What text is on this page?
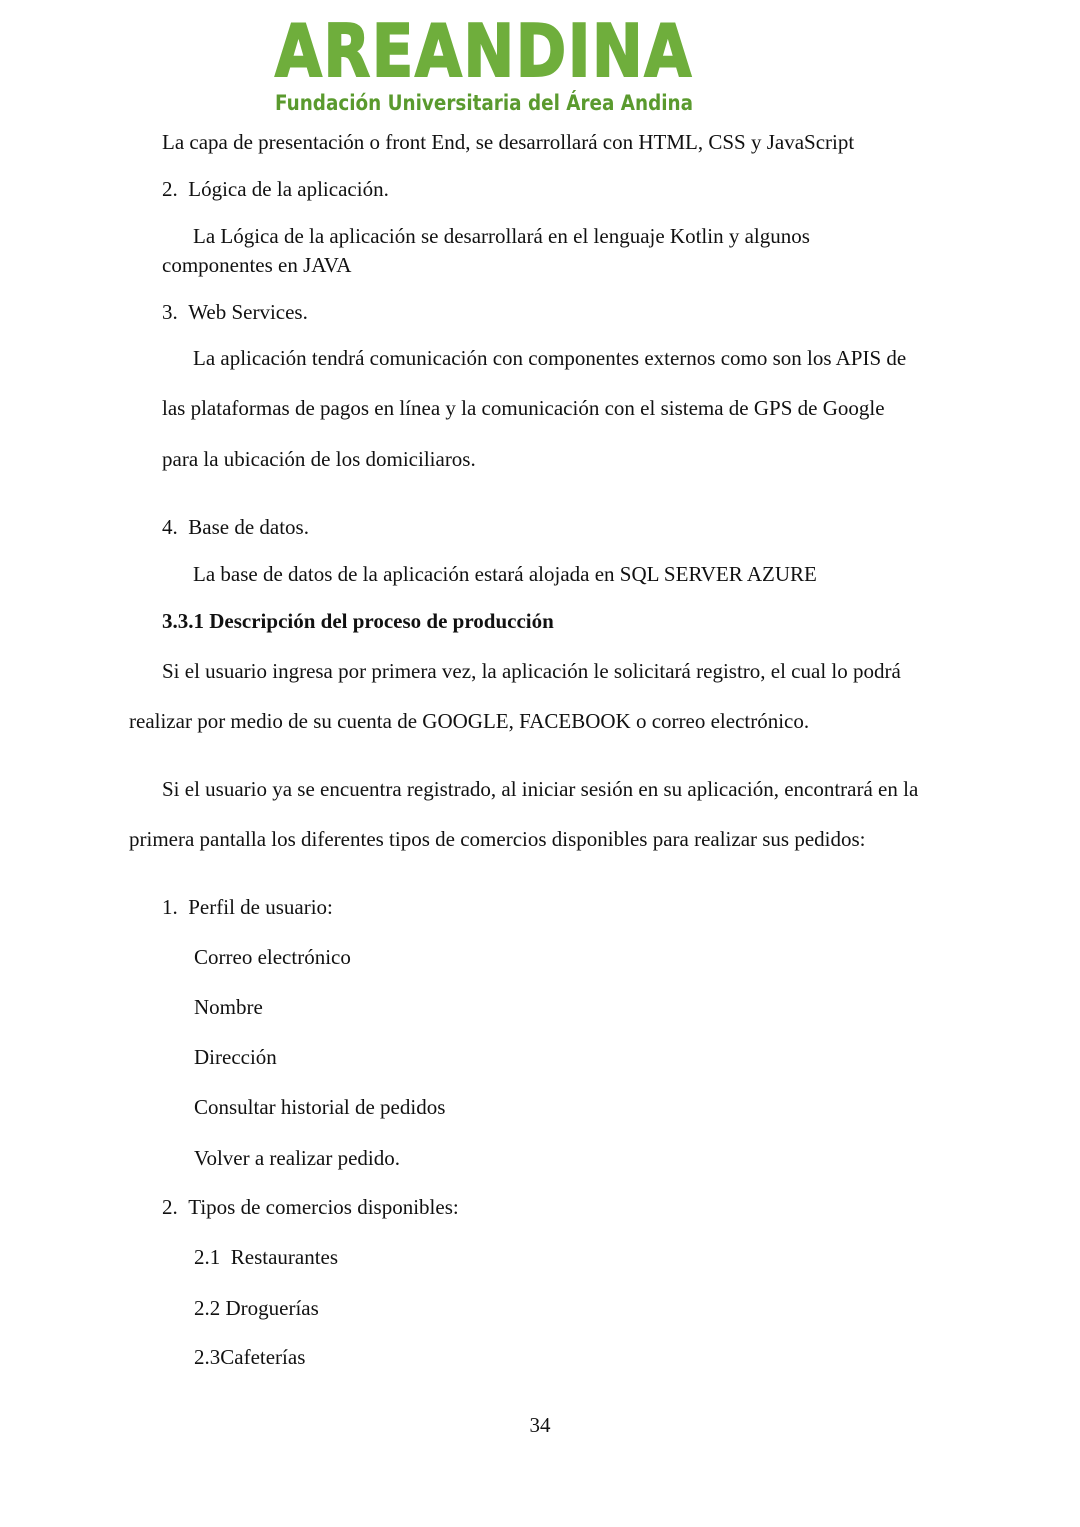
AREANDINA
Fundación Universitaria del Área Andina
La capa de presentación o front End, se desarrollará con HTML, CSS y JavaScript
2.  Lógica de la aplicación.
La Lógica de la aplicación se desarrollará en el lenguaje Kotlin y algunos
componentes en JAVA
3.  Web Services.
La aplicación tendrá comunicación con componentes externos como son los APIS de
las plataformas de pagos en línea y la comunicación con el sistema de GPS de Google
para la ubicación de los domiciliaros.
4.  Base de datos.
La base de datos de la aplicación estará alojada en SQL SERVER AZURE
3.3.1 Descripción del proceso de producción
Si el usuario ingresa por primera vez, la aplicación le solicitará registro, el cual lo podrá
realizar por medio de su cuenta de GOOGLE, FACEBOOK o correo electrónico.
Si el usuario ya se encuentra registrado, al iniciar sesión en su aplicación, encontrará en la
primera pantalla los diferentes tipos de comercios disponibles para realizar sus pedidos:
1.  Perfil de usuario:
Correo electrónico
Nombre
Dirección
Consultar historial de pedidos
Volver a realizar pedido.
2.  Tipos de comercios disponibles:
2.1  Restaurantes
2.2 Droguerías
2.3Cafeterías
34
